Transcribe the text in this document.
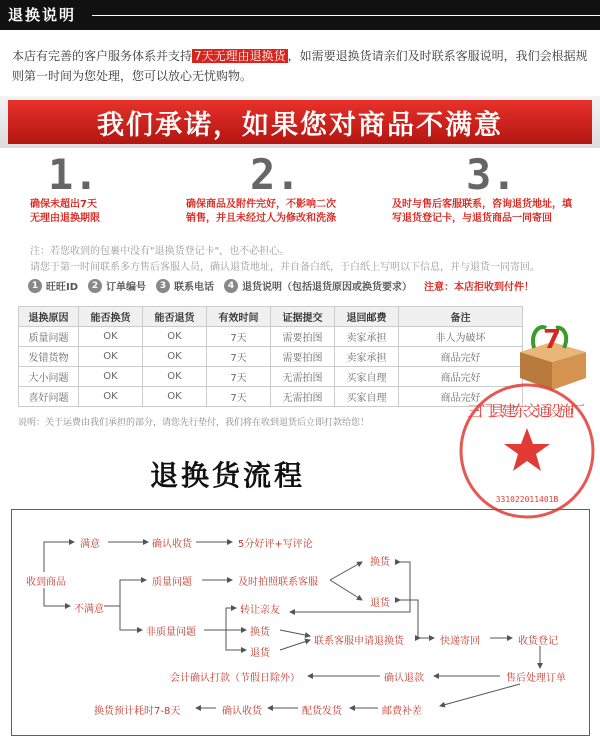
退换说明
本店有完善的客户服务体系并支持 7天无理由退换货 ，如需要退换货请亲们及时联系客服说明，我们会根据规则第一时间为您处理，您可以放心无忧购物。
我们承诺，如果您对商品不满意
1.
确保未超出7天
无理由退换期限
2.
确保商品及附件完好，不影响二次
销售，并且未经过人为修改和洗涤
3.
及时与售后客服联系，咨询退货地址，填
写退货登记卡，与退货商品一同寄回
注：若您收到的包裹中没有"退换货登记卡"，也不必担心。
请您于第一时间联系多方售后客服人员，确认退货地址，并自备白纸，于白纸上写明以下信息，并与退货一同寄回。
1 旺旺ID	2 订单编号	3 联系电话	4 退货说明（包括退货原因或换货要求） 注意：本店拒收到付件！
退换原因	能否换货	能否退货	有效时间	证据提交	退回邮费	备注
质量问题	OK	OK	7天	需要拍图	卖家承担	非人为破坏
发错货物	OK	OK	7天	需要拍图	卖家承担	商品完好
大小问题	OK	OK	7天	无需拍图	买家自理	商品完好
喜好问题	OK	OK	7天	无需拍图	买家自理	商品完好
说明：关于运费由我们承担的部分，请您先行垫付，我们将在收到退货后立即打款给您！
7
三门县建东交通设施厂
331022011401B
退换货流程
收到商品
满意	确认收货	5分好评+写评论
不满意
质量问题	及时拍照联系客服
换货
退货
非质量问题
转让亲友
换货
退货
联系客服申请退换货	快递寄回	收货登记
售后处理订单
确认退款
会计确认打款（节假日除外）
邮费补差
配货发货
确认收货
换货预计耗时7-8天
